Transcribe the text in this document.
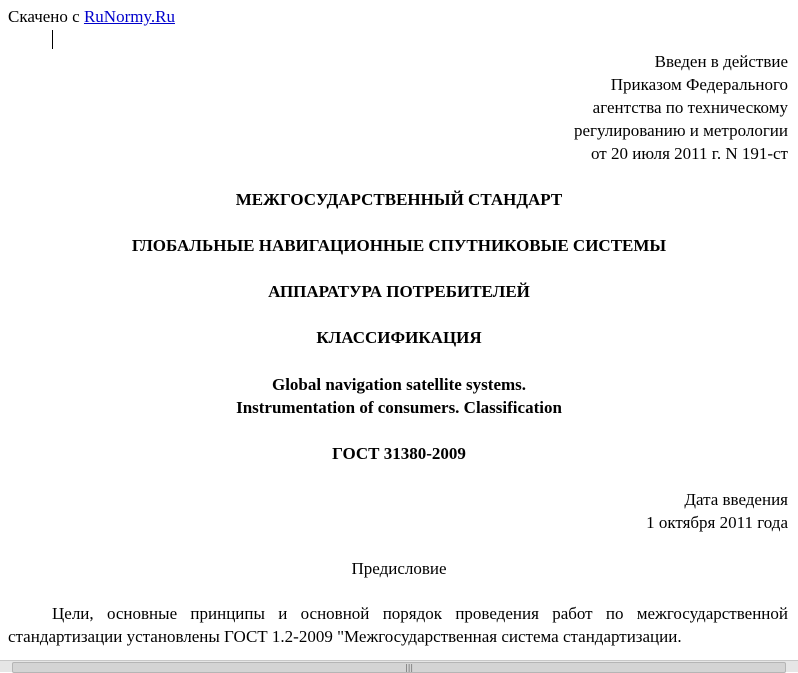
Скачено с RuNormy.Ru
Введен в действие
Приказом Федерального
агентства по техническому
регулированию и метрологии
от 20 июля 2011 г. N 191-ст
МЕЖГОСУДАРСТВЕННЫЙ СТАНДАРТ
ГЛОБАЛЬНЫЕ НАВИГАЦИОННЫЕ СПУТНИКОВЫЕ СИСТЕМЫ
АППАРАТУРА ПОТРЕБИТЕЛЕЙ
КЛАССИФИКАЦИЯ
Global navigation satellite systems.
Instrumentation of consumers. Classification
ГОСТ 31380-2009
Дата введения
1 октября 2011 года
Предисловие

Цели, основные принципы и основной порядок проведения работ по межгосударственной стандартизации установлены ГОСТ 1.2-2009 "Межгосударственная система стандартизации.

|||
